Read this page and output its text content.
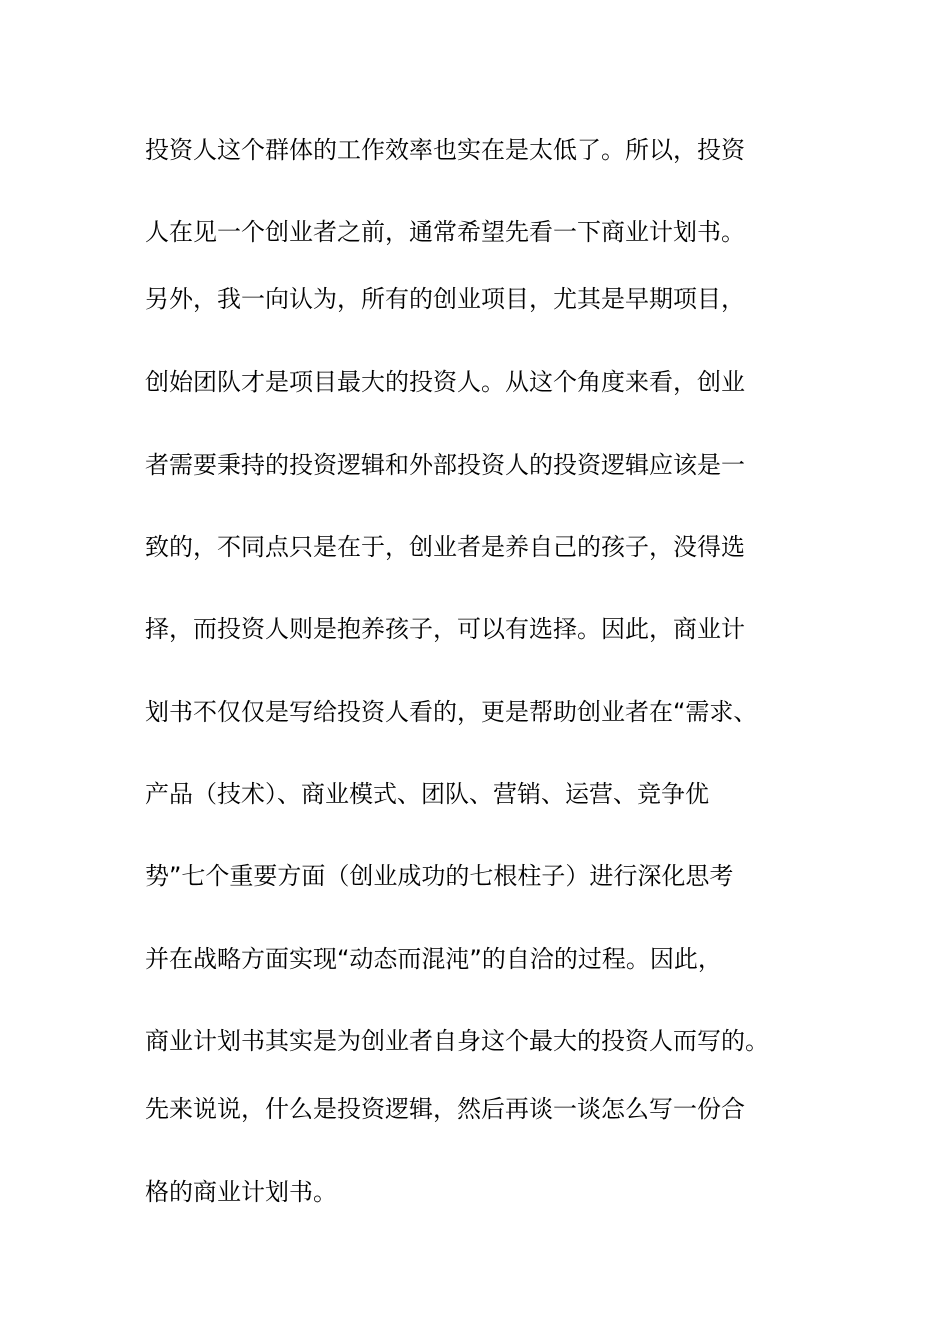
投资人这个群体的工作效率也实在是太低了。所以，投资
人在见一个创业者之前，通常希望先看一下商业计划书。
另外，我一向认为，所有的创业项目，尤其是早期项目，
创始团队才是项目最大的投资人。从这个角度来看，创业
者需要秉持的投资逻辑和外部投资人的投资逻辑应该是一
致的，不同点只是在于，创业者是养自己的孩子，没得选
择，而投资人则是抱养孩子，可以有选择。因此，商业计
划书不仅仅是写给投资人看的，更是帮助创业者在“需求、
产品（技术）、商业模式、团队、营销、运营、竞争优
势”七个重要方面（创业成功的七根柱子）进行深化思考
并在战略方面实现“动态而混沌”的自洽的过程。因此，
商业计划书其实是为创业者自身这个最大的投资人而写的。
先来说说，什么是投资逻辑，然后再谈一谈怎么写一份合
格的商业计划书。
